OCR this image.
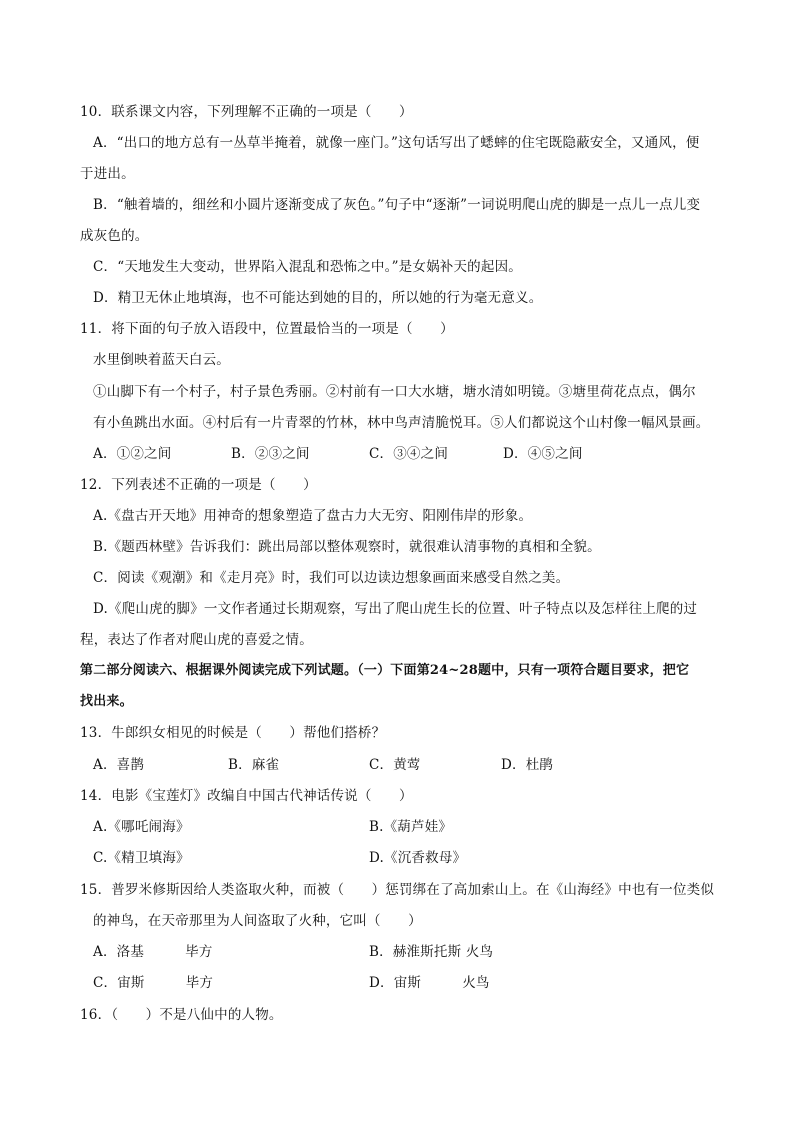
10．联系课文内容，下列理解不正确的一项是（　　）
A．“出口的地方总有一丛草半掩着，就像一座门。”这句话写出了蟋蟀的住宅既隐蔽安全，又通风，便
于进出。
B．“触着墙的，细丝和小圆片逐渐变成了灰色。”句子中“逐渐”一词说明爬山虎的脚是一点儿一点儿变
成灰色的。
C．“天地发生大变动，世界陷入混乱和恐怖之中。”是女娲补天的起因。
D．精卫无休止地填海，也不可能达到她的目的，所以她的行为毫无意义。
11．将下面的句子放入语段中，位置最恰当的一项是（　　）
水里倒映着蓝天白云。
①山脚下有一个村子，村子景色秀丽。②村前有一口大水塘，塘水清如明镜。③塘里荷花点点，偶尔
有小鱼跳出水面。④村后有一片青翠的竹林，林中鸟声清脆悦耳。⑤人们都说这个山村像一幅风景画。
A．①②之间	B．②③之间	C．③④之间	D．④⑤之间
12．下列表述不正确的一项是（　　）
A.《盘古开天地》用神奇的想象塑造了盘古力大无穷、阳刚伟岸的形象。
B.《题西林壁》告诉我们：跳出局部以整体观察时，就很难认清事物的真相和全貌。
C．阅读《观潮》和《走月亮》时，我们可以边读边想象画面来感受自然之美。
D.《爬山虎的脚》一文作者通过长期观察，写出了爬山虎生长的位置、叶子特点以及怎样往上爬的过
程，表达了作者对爬山虎的喜爱之情。
第二部分阅读六、根据课外阅读完成下列试题。（一）下面第24~28题中，只有一项符合题目要求，把它
找出来。
13．牛郎织女相见的时候是（　　）帮他们搭桥？
A．喜鹊	B．麻雀	C．黄莺	D．杜鹃
14．电影《宝莲灯》改编自中国古代神话传说（　　）
A.《哪吒闹海》	B.《葫芦娃》
C.《精卫填海》	D.《沉香救母》
15．普罗米修斯因给人类盗取火种，而被（　　）惩罚绑在了高加索山上。在《山海经》中也有一位类似
的神鸟，在天帝那里为人间盗取了火种，它叫（　　）
A．洛基　　　毕方	B．赫淮斯托斯 火鸟
C．宙斯　　　毕方	D．宙斯　　　火鸟
16．（　　）不是八仙中的人物。
